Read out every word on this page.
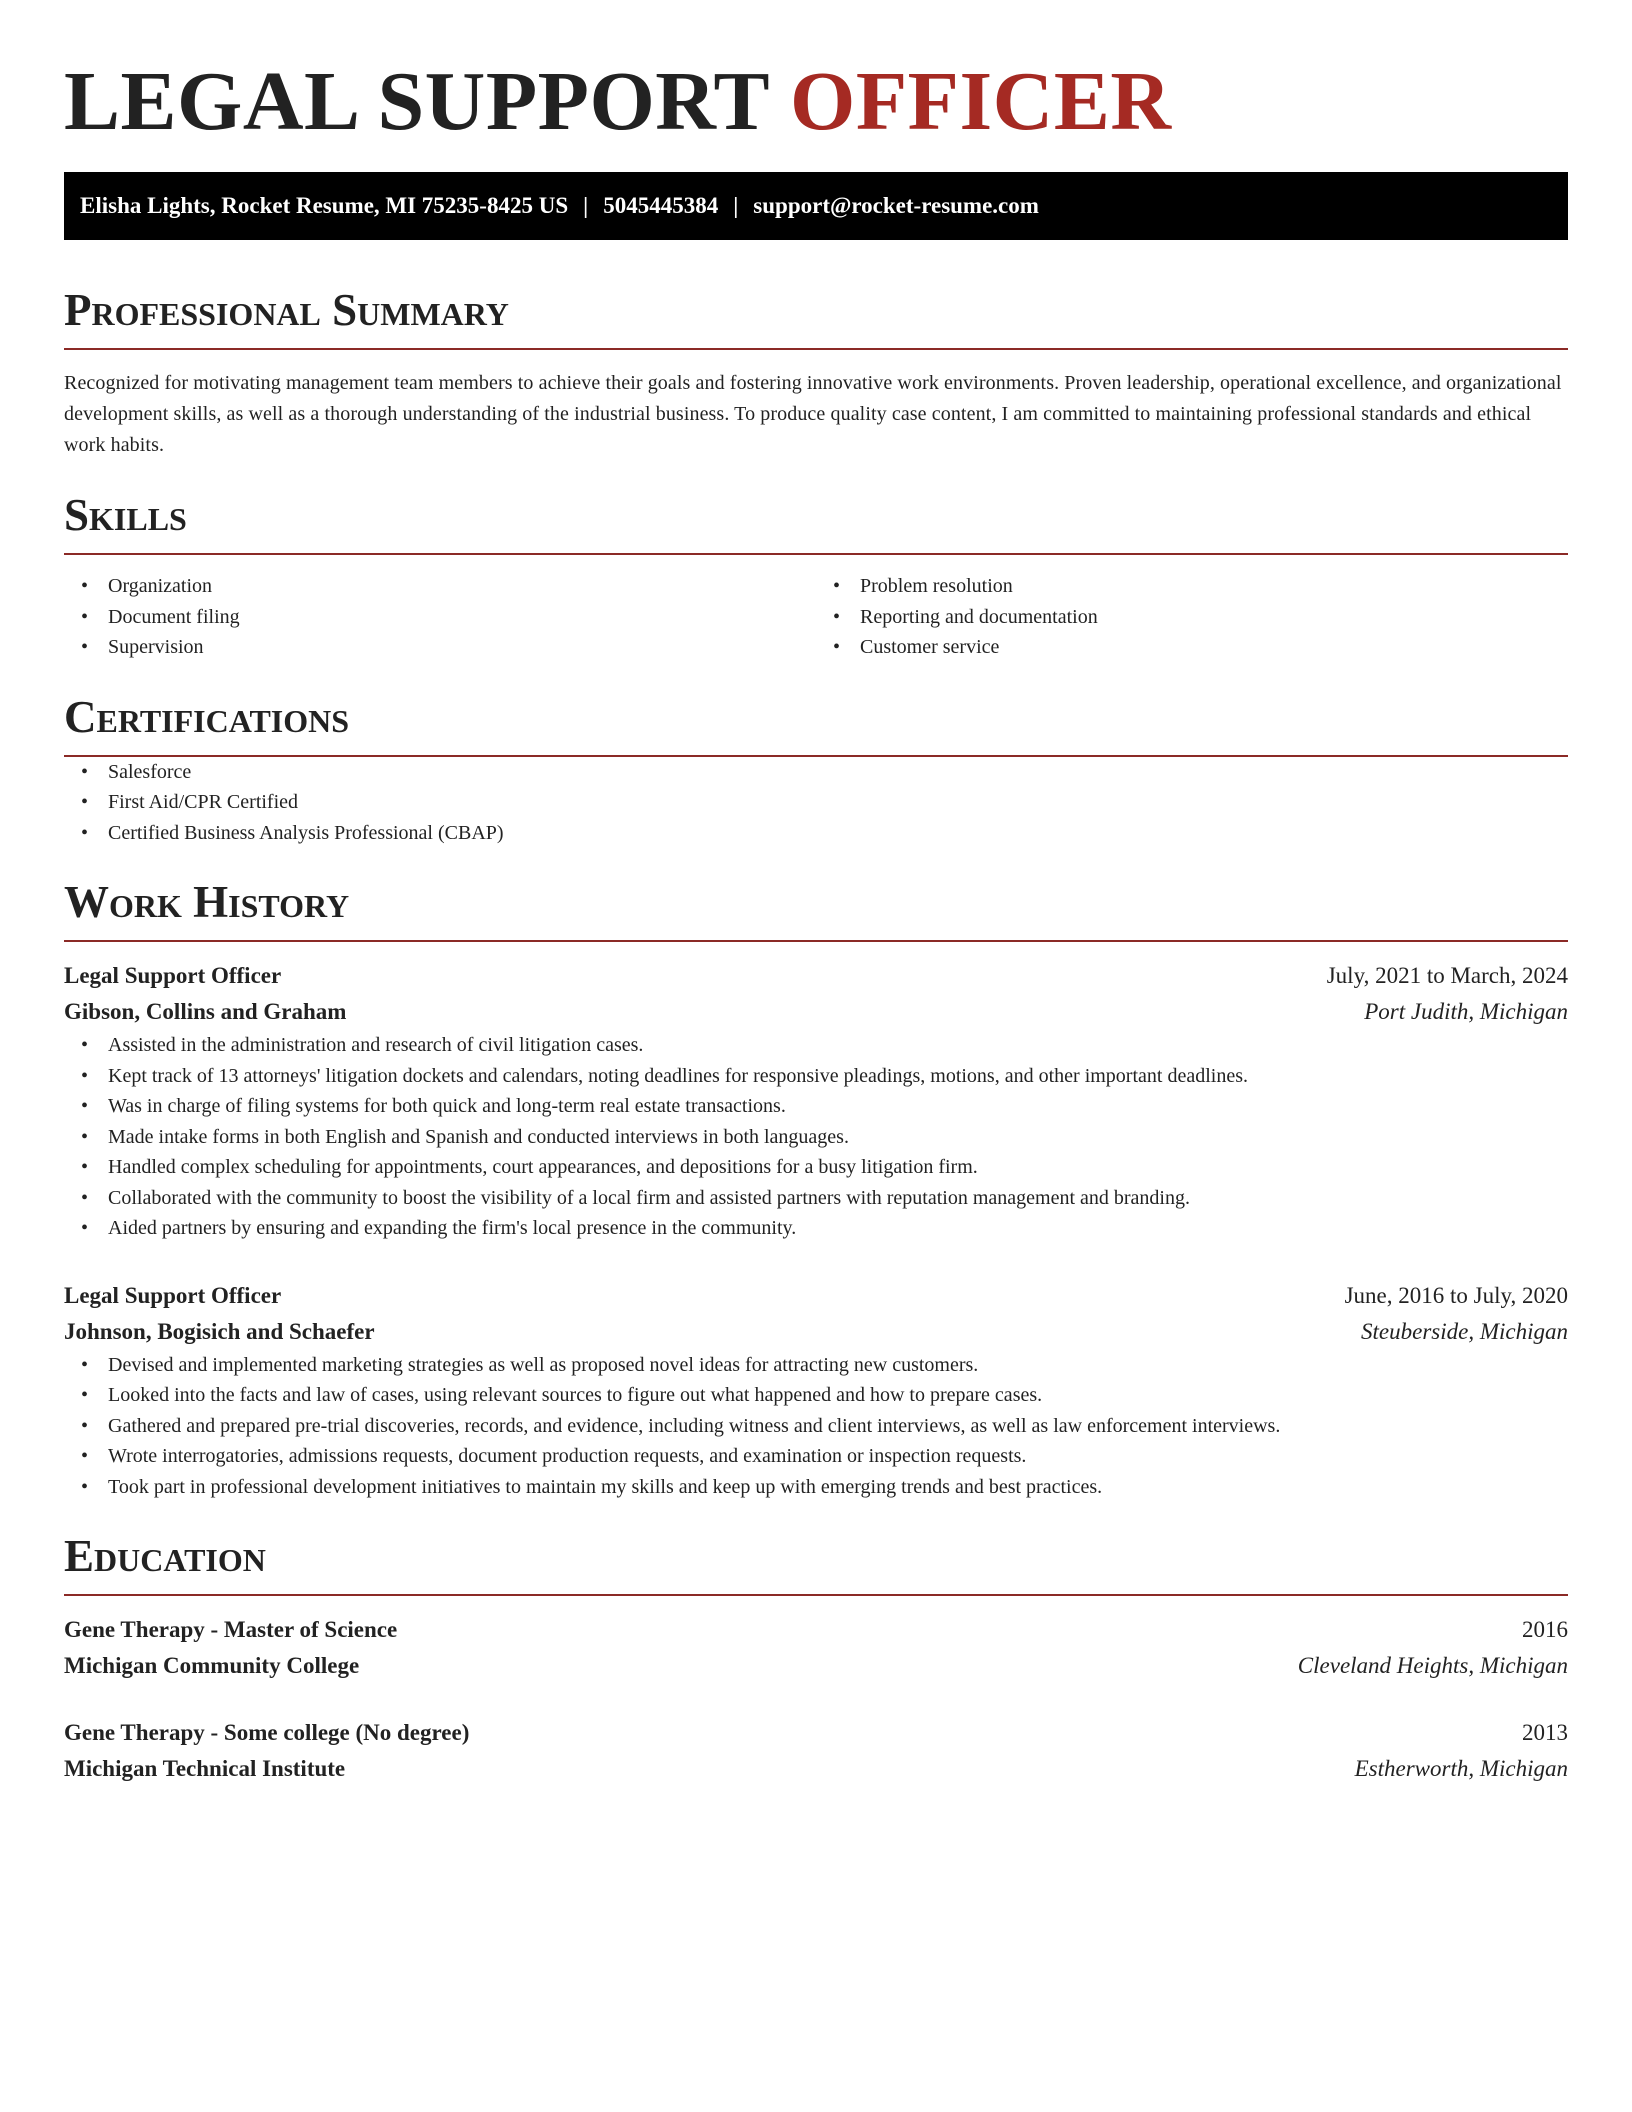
LEGAL SUPPORT OFFICER
Elisha Lights, Rocket Resume, MI 75235-8425 US | 5045445384 | support@rocket-resume.com
Professional Summary

Recognized for motivating management team members to achieve their goals and fostering innovative work environments. Proven leadership, operational excellence, and organizational development skills, as well as a thorough understanding of the industrial business. To produce quality case content, I am committed to maintaining professional standards and ethical work habits.

Skills
• Organization
• Document filing
• Supervision
• Problem resolution
• Reporting and documentation
• Customer service
Certifications
• Salesforce
• First Aid/CPR Certified
• Certified Business Analysis Professional (CBAP)
Work History
Legal Support Officer	July, 2021 to March, 2024
Gibson, Collins and Graham	Port Judith, Michigan
• Assisted in the administration and research of civil litigation cases.
• Kept track of 13 attorneys' litigation dockets and calendars, noting deadlines for responsive pleadings, motions, and other important deadlines.
• Was in charge of filing systems for both quick and long-term real estate transactions.
• Made intake forms in both English and Spanish and conducted interviews in both languages.
• Handled complex scheduling for appointments, court appearances, and depositions for a busy litigation firm.
• Collaborated with the community to boost the visibility of a local firm and assisted partners with reputation management and branding.
• Aided partners by ensuring and expanding the firm's local presence in the community.
Legal Support Officer	June, 2016 to July, 2020
Johnson, Bogisich and Schaefer	Steuberside, Michigan
• Devised and implemented marketing strategies as well as proposed novel ideas for attracting new customers.
• Looked into the facts and law of cases, using relevant sources to figure out what happened and how to prepare cases.
• Gathered and prepared pre-trial discoveries, records, and evidence, including witness and client interviews, as well as law enforcement interviews.
• Wrote interrogatories, admissions requests, document production requests, and examination or inspection requests.
• Took part in professional development initiatives to maintain my skills and keep up with emerging trends and best practices.
Education
Gene Therapy - Master of Science	2016
Michigan Community College	Cleveland Heights, Michigan
Gene Therapy - Some college (No degree)	2013
Michigan Technical Institute	Estherworth, Michigan
